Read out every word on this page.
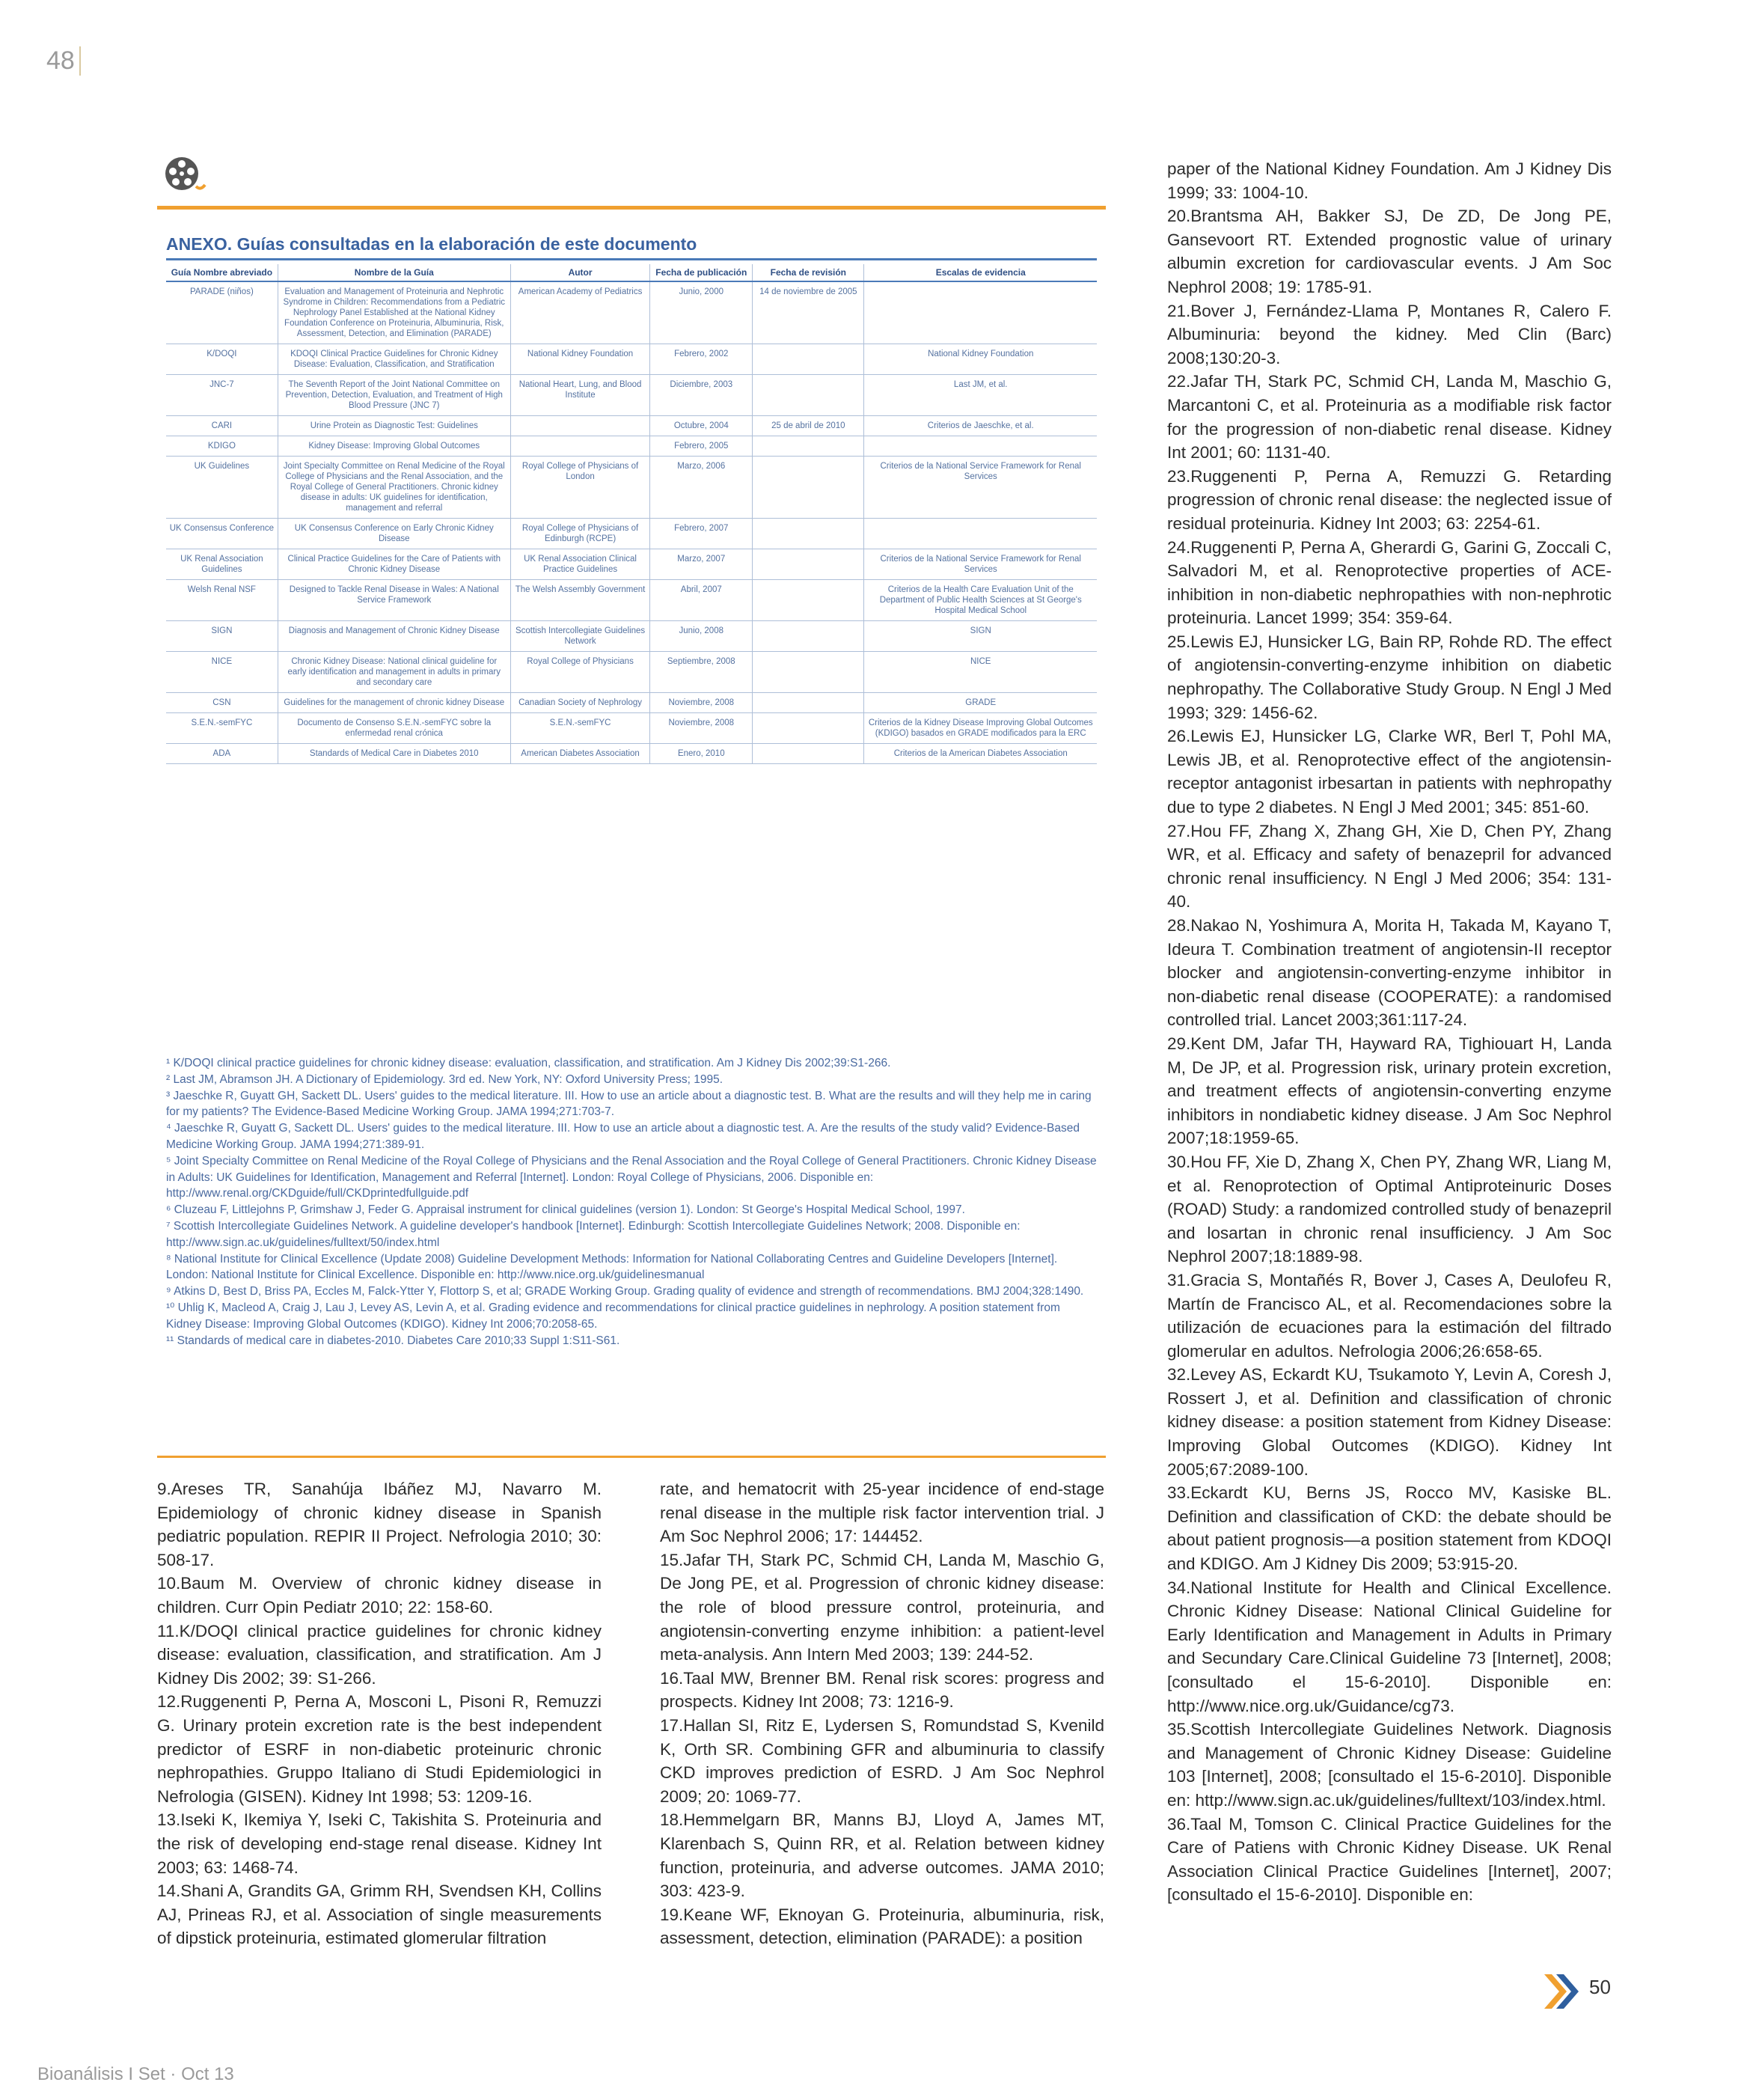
48
ANEXO. Guías consultadas en la elaboración de este documento
Guía Nombre abreviado	Nombre de la Guía	Autor	Fecha de publicación	Fecha de revisión	Escalas de evidencia
PARADE (niños)	Evaluation and Management of Proteinuria and Nephrotic Syndrome in Children: Recommendations from a Pediatric Nephrology Panel Established at the National Kidney Foundation Conference on Proteinuria, Albuminuria, Risk, Assessment, Detection, and Elimination (PARADE)	American Academy of Pediatrics	Junio, 2000	14 de noviembre de 2005	
K/DOQI	KDOQI Clinical Practice Guidelines for Chronic Kidney Disease: Evaluation, Classification, and Stratification	National Kidney Foundation	Febrero, 2002		National Kidney Foundation
JNC-7	The Seventh Report of the Joint National Committee on Prevention, Detection, Evaluation, and Treatment of High Blood Pressure (JNC 7)	National Heart, Lung, and Blood Institute	Diciembre, 2003		Last JM, et al.
CARI	Urine Protein as Diagnostic Test: Guidelines		Octubre, 2004	25 de abril de 2010	Criterios de Jaeschke, et al.
KDIGO	Kidney Disease: Improving Global Outcomes		Febrero, 2005		
UK Guidelines	Joint Specialty Committee on Renal Medicine of the Royal College of Physicians and the Renal Association, and the Royal College of General Practitioners. Chronic kidney disease in adults: UK guidelines for identification, management and referral	Royal College of Physicians of London	Marzo, 2006		Criterios de la National Service Framework for Renal Services
UK Consensus Conference	UK Consensus Conference on Early Chronic Kidney Disease	Royal College of Physicians of Edinburgh (RCPE)	Febrero, 2007		
UK Renal Association Guidelines	Clinical Practice Guidelines for the Care of Patients with Chronic Kidney Disease	UK Renal Association Clinical Practice Guidelines	Marzo, 2007		Criterios de la National Service Framework for Renal Services
Welsh Renal NSF	Designed to Tackle Renal Disease in Wales: A National Service Framework	The Welsh Assembly Government	Abril, 2007		Criterios de la Health Care Evaluation Unit of the Department of Public Health Sciences at St George's Hospital Medical School
SIGN	Diagnosis and Management of Chronic Kidney Disease	Scottish Intercollegiate Guidelines Network	Junio, 2008		SIGN
NICE	Chronic Kidney Disease: National clinical guideline for early identification and management in adults in primary and secondary care	Royal College of Physicians	Septiembre, 2008		NICE
CSN	Guidelines for the management of chronic kidney Disease	Canadian Society of Nephrology	Noviembre, 2008		GRADE
S.E.N.-semFYC	Documento de Consenso S.E.N.-semFYC sobre la enfermedad renal crónica	S.E.N.-semFYC	Noviembre, 2008		Criterios de la Kidney Disease Improving Global Outcomes (KDIGO) basados en GRADE modificados para la ERC
ADA	Standards of Medical Care in Diabetes 2010	American Diabetes Association	Enero, 2010		Criterios de la American Diabetes Association

¹ K/DOQI clinical practice guidelines for chronic kidney disease: evaluation, classification, and stratification. Am J Kidney Dis 2002;39:S1-266.

² Last JM, Abramson JH. A Dictionary of Epidemiology. 3rd ed. New York, NY: Oxford University Press; 1995.

³ Jaeschke R, Guyatt GH, Sackett DL. Users' guides to the medical literature. III. How to use an article about a diagnostic test. B. What are the results and will they help me in caring for my patients? The Evidence-Based Medicine Working Group. JAMA 1994;271:703-7.

⁴ Jaeschke R, Guyatt G, Sackett DL. Users' guides to the medical literature. III. How to use an article about a diagnostic test. A. Are the results of the study valid? Evidence-Based Medicine Working Group. JAMA 1994;271:389-91.

⁵ Joint Specialty Committee on Renal Medicine of the Royal College of Physicians and the Renal Association and the Royal College of General Practitioners. Chronic Kidney Disease in Adults: UK Guidelines for Identification, Management and Referral [Internet]. London: Royal College of Physicians, 2006. Disponible en: http://www.renal.org/CKDguide/full/CKDprintedfullguide.pdf

⁶ Cluzeau F, Littlejohns P, Grimshaw J, Feder G. Appraisal instrument for clinical guidelines (version 1). London: St George's Hospital Medical School, 1997.

⁷ Scottish Intercollegiate Guidelines Network. A guideline developer's handbook [Internet]. Edinburgh: Scottish Intercollegiate Guidelines Network; 2008. Disponible en: http://www.sign.ac.uk/guidelines/fulltext/50/index.html

⁸ National Institute for Clinical Excellence (Update 2008) Guideline Development Methods: Information for National Collaborating Centres and Guideline Developers [Internet]. London: National Institute for Clinical Excellence. Disponible en: http://www.nice.org.uk/guidelinesmanual

⁹ Atkins D, Best D, Briss PA, Eccles M, Falck-Ytter Y, Flottorp S, et al; GRADE Working Group. Grading quality of evidence and strength of recommendations. BMJ 2004;328:1490.

¹⁰ Uhlig K, Macleod A, Craig J, Lau J, Levey AS, Levin A, et al. Grading evidence and recommendations for clinical practice guidelines in nephrology. A position statement from Kidney Disease: Improving Global Outcomes (KDIGO). Kidney Int 2006;70:2058-65.

¹¹ Standards of medical care in diabetes-2010. Diabetes Care 2010;33 Suppl 1:S11-S61.

9.Areses TR, Sanahúja Ibáñez MJ, Navarro M. Epidemiology of chronic kidney disease in Spanish pediatric population. REPIR II Project. Nefrologia 2010; 30: 508-17.

10.Baum M. Overview of chronic kidney disease in children. Curr Opin Pediatr 2010; 22: 158-60.

11.K/DOQI clinical practice guidelines for chronic kidney disease: evaluation, classification, and stratification. Am J Kidney Dis 2002; 39: S1-266.

12.Ruggenenti P, Perna A, Mosconi L, Pisoni R, Remuzzi G. Urinary protein excretion rate is the best independent predictor of ESRF in non-diabetic proteinuric chronic nephropathies. Gruppo Italiano di Studi Epidemiologici in Nefrologia (GISEN). Kidney Int 1998; 53: 1209-16.

13.Iseki K, Ikemiya Y, Iseki C, Takishita S. Proteinuria and the risk of developing end-stage renal disease. Kidney Int 2003; 63: 1468-74.

14.Shani A, Grandits GA, Grimm RH, Svendsen KH, Collins AJ, Prineas RJ, et al. Association of single measurements of dipstick proteinuria, estimated glomerular filtration

rate, and hematocrit with 25-year incidence of end-stage renal disease in the multiple risk factor intervention trial. J Am Soc Nephrol 2006; 17: 144452.

15.Jafar TH, Stark PC, Schmid CH, Landa M, Maschio G, De Jong PE, et al. Progression of chronic kidney disease: the role of blood pressure control, proteinuria, and angiotensin-converting enzyme inhibition: a patient-level meta-analysis. Ann Intern Med 2003; 139: 244-52.

16.Taal MW, Brenner BM. Renal risk scores: progress and prospects. Kidney Int 2008; 73: 1216-9.

17.Hallan SI, Ritz E, Lydersen S, Romundstad S, Kvenild K, Orth SR. Combining GFR and albuminuria to classify CKD improves prediction of ESRD. J Am Soc Nephrol 2009; 20: 1069-77.

18.Hemmelgarn BR, Manns BJ, Lloyd A, James MT, Klarenbach S, Quinn RR, et al. Relation between kidney function, proteinuria, and adverse outcomes. JAMA 2010; 303: 423-9.

19.Keane WF, Eknoyan G. Proteinuria, albuminuria, risk, assessment, detection, elimination (PARADE): a position

paper of the National Kidney Foundation. Am J Kidney Dis 1999; 33: 1004-10.

20.Brantsma AH, Bakker SJ, De ZD, De Jong PE, Gansevoort RT. Extended prognostic value of urinary albumin excretion for cardiovascular events. J Am Soc Nephrol 2008; 19: 1785-91.

21.Bover J, Fernández-Llama P, Montanes R, Calero F. Albuminuria: beyond the kidney. Med Clin (Barc) 2008;130:20-3.

22.Jafar TH, Stark PC, Schmid CH, Landa M, Maschio G, Marcantoni C, et al. Proteinuria as a modifiable risk factor for the progression of non-diabetic renal disease. Kidney Int 2001; 60: 1131-40.

23.Ruggenenti P, Perna A, Remuzzi G. Retarding progression of chronic renal disease: the neglected issue of residual proteinuria. Kidney Int 2003; 63: 2254-61.

24.Ruggenenti P, Perna A, Gherardi G, Garini G, Zoccali C, Salvadori M, et al. Renoprotective properties of ACE-inhibition in non-diabetic nephropathies with non-nephrotic proteinuria. Lancet 1999; 354: 359-64.

25.Lewis EJ, Hunsicker LG, Bain RP, Rohde RD. The effect of angiotensin-converting-enzyme inhibition on diabetic nephropathy. The Collaborative Study Group. N Engl J Med 1993; 329: 1456-62.

26.Lewis EJ, Hunsicker LG, Clarke WR, Berl T, Pohl MA, Lewis JB, et al. Renoprotective effect of the angiotensin-receptor antagonist irbesartan in patients with nephropathy due to type 2 diabetes. N Engl J Med 2001; 345: 851-60.

27.Hou FF, Zhang X, Zhang GH, Xie D, Chen PY, Zhang WR, et al. Efficacy and safety of benazepril for advanced chronic renal insufficiency. N Engl J Med 2006; 354: 131-40.

28.Nakao N, Yoshimura A, Morita H, Takada M, Kayano T, Ideura T. Combination treatment of angiotensin-II receptor blocker and angiotensin-converting-enzyme inhibitor in non-diabetic renal disease (COOPERATE): a randomised controlled trial. Lancet 2003;361:117-24.

29.Kent DM, Jafar TH, Hayward RA, Tighiouart H, Landa M, De JP, et al. Progression risk, urinary protein excretion, and treatment effects of angiotensin-converting enzyme inhibitors in nondiabetic kidney disease. J Am Soc Nephrol 2007;18:1959-65.

30.Hou FF, Xie D, Zhang X, Chen PY, Zhang WR, Liang M, et al. Renoprotection of Optimal Antiproteinuric Doses (ROAD) Study: a randomized controlled study of benazepril and losartan in chronic renal insufficiency. J Am Soc Nephrol 2007;18:1889-98.

31.Gracia S, Montañés R, Bover J, Cases A, Deulofeu R, Martín de Francisco AL, et al. Recomendaciones sobre la utilización de ecuaciones para la estimación del filtrado glomerular en adultos. Nefrologia 2006;26:658-65.

32.Levey AS, Eckardt KU, Tsukamoto Y, Levin A, Coresh J, Rossert J, et al. Definition and classification of chronic kidney disease: a position statement from Kidney Disease: Improving Global Outcomes (KDIGO). Kidney Int 2005;67:2089-100.

33.Eckardt KU, Berns JS, Rocco MV, Kasiske BL. Definition and classification of CKD: the debate should be about patient prognosis—a position statement from KDOQI and KDIGO. Am J Kidney Dis 2009; 53:915-20.

34.National Institute for Health and Clinical Excellence. Chronic Kidney Disease: National Clinical Guideline for Early Identification and Management in Adults in Primary and Secundary Care.Clinical Guideline 73 [Internet], 2008; [consultado el 15-6-2010]. Disponible en: http://www.nice.org.uk/Guidance/cg73.

35.Scottish Intercollegiate Guidelines Network. Diagnosis and Management of Chronic Kidney Disease: Guideline 103 [Internet], 2008; [consultado el 15-6-2010]. Disponible en: http://www.sign.ac.uk/guidelines/fulltext/103/index.html.

36.Taal M, Tomson C. Clinical Practice Guidelines for the Care of Patiens with Chronic Kidney Disease. UK Renal Association Clinical Practice Guidelines [Internet], 2007; [consultado el 15-6-2010]. Disponible en:

50
Bioanálisis I Set · Oct 13
